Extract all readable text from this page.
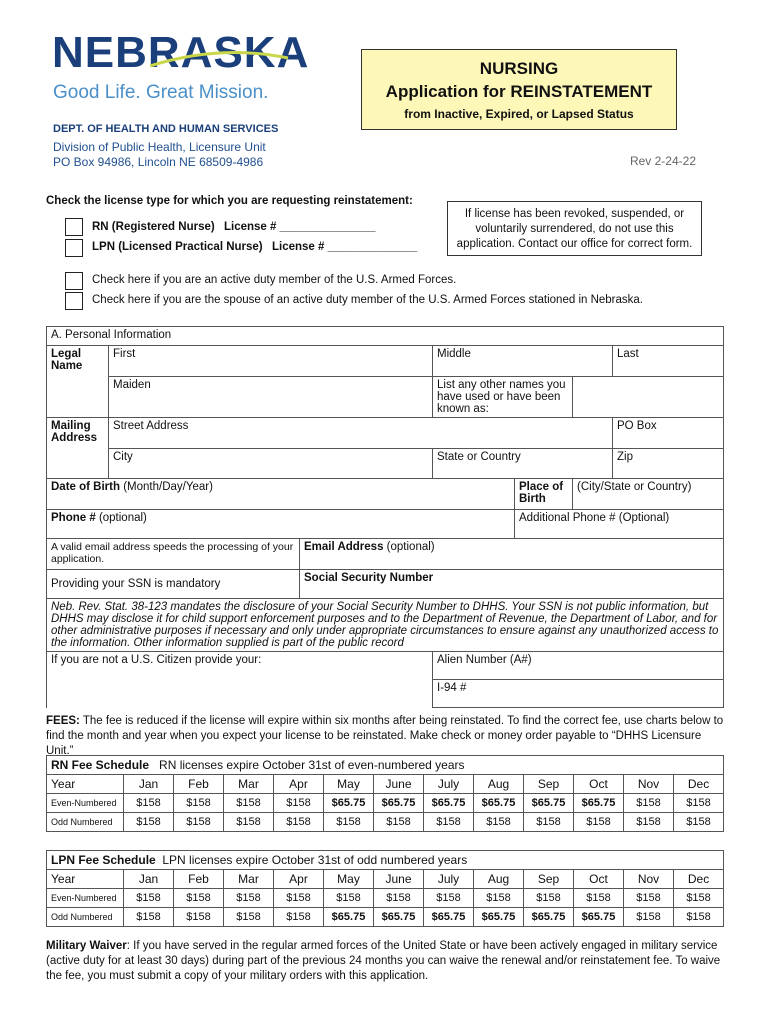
NEBRASKA
Good Life. Great Mission.
DEPT. OF HEALTH AND HUMAN SERVICES
Division of Public Health, Licensure Unit
PO Box 94986, Lincoln NE 68509-4986	Rev 2-24-22
NURSING
Application for REINSTATEMENT
from Inactive, Expired, or Lapsed Status
Check the license type for which you are requesting reinstatement:
RN (Registered Nurse) License # _______________
LPN (Licensed Practical Nurse) License # ______________
If license has been revoked, suspended, or voluntarily surrendered, do not use this application. Contact our office for correct form.
Check here if you are an active duty member of the U.S. Armed Forces.
Check here if you are the spouse of an active duty member of the U.S. Armed Forces stationed in Nebraska.
A. Personal Information						
Legal Name	First		Middle			Last
	Maiden		List any other names you have used or have been known as:			
Mailing Address	Street Address					PO Box
	City		State or Country			Zip
Date of Birth (Month/Day/Year)				Place of Birth	(City/State or Country)	
Phone # (optional)				Additional Phone # (Optional)		
A valid email address speeds the processing of your application.		Email Address (optional)				
Providing your SSN is mandatory		Social Security Number				
Neb. Rev. Stat. 38-123 mandates the disclosure of your Social Security Number to DHHS. Your SSN is not public information, but DHHS may disclose it for child support enforcement purposes and to the Department of Revenue, the Department of Labor, and for other administrative purposes if necessary and only under appropriate circumstances to ensure against any unauthorized access to the information. Other information supplied is part of the public record						
If you are not a U.S. Citizen provide your:			Alien Number (A#)			
			I-94 #			
FEES: The fee is reduced if the license will expire within six months after being reinstated. To find the correct fee, use charts below to find the month and year when you expect your license to be reinstated. Make check or money order payable to “DHHS Licensure Unit.”
RN Fee Schedule RN licenses expire October 31st of even-numbered years												
Year	Jan	Feb	Mar	Apr	May	June	July	Aug	Sep	Oct	Nov	Dec
Even-Numbered	$158	$158	$158	$158	$65.75	$65.75	$65.75	$65.75	$65.75	$65.75	$158	$158
Odd Numbered	$158	$158	$158	$158	$158	$158	$158	$158	$158	$158	$158	$158
LPN Fee Schedule LPN licenses expire October 31st of odd numbered years												
Year	Jan	Feb	Mar	Apr	May	June	July	Aug	Sep	Oct	Nov	Dec
Even-Numbered	$158	$158	$158	$158	$158	$158	$158	$158	$158	$158	$158	$158
Odd Numbered	$158	$158	$158	$158	$65.75	$65.75	$65.75	$65.75	$65.75	$65.75	$158	$158
Military Waiver: If you have served in the regular armed forces of the United State or have been actively engaged in military service (active duty for at least 30 days) during part of the previous 24 months you can waive the renewal and/or reinstatement fee. To waive the fee, you must submit a copy of your military orders with this application.
